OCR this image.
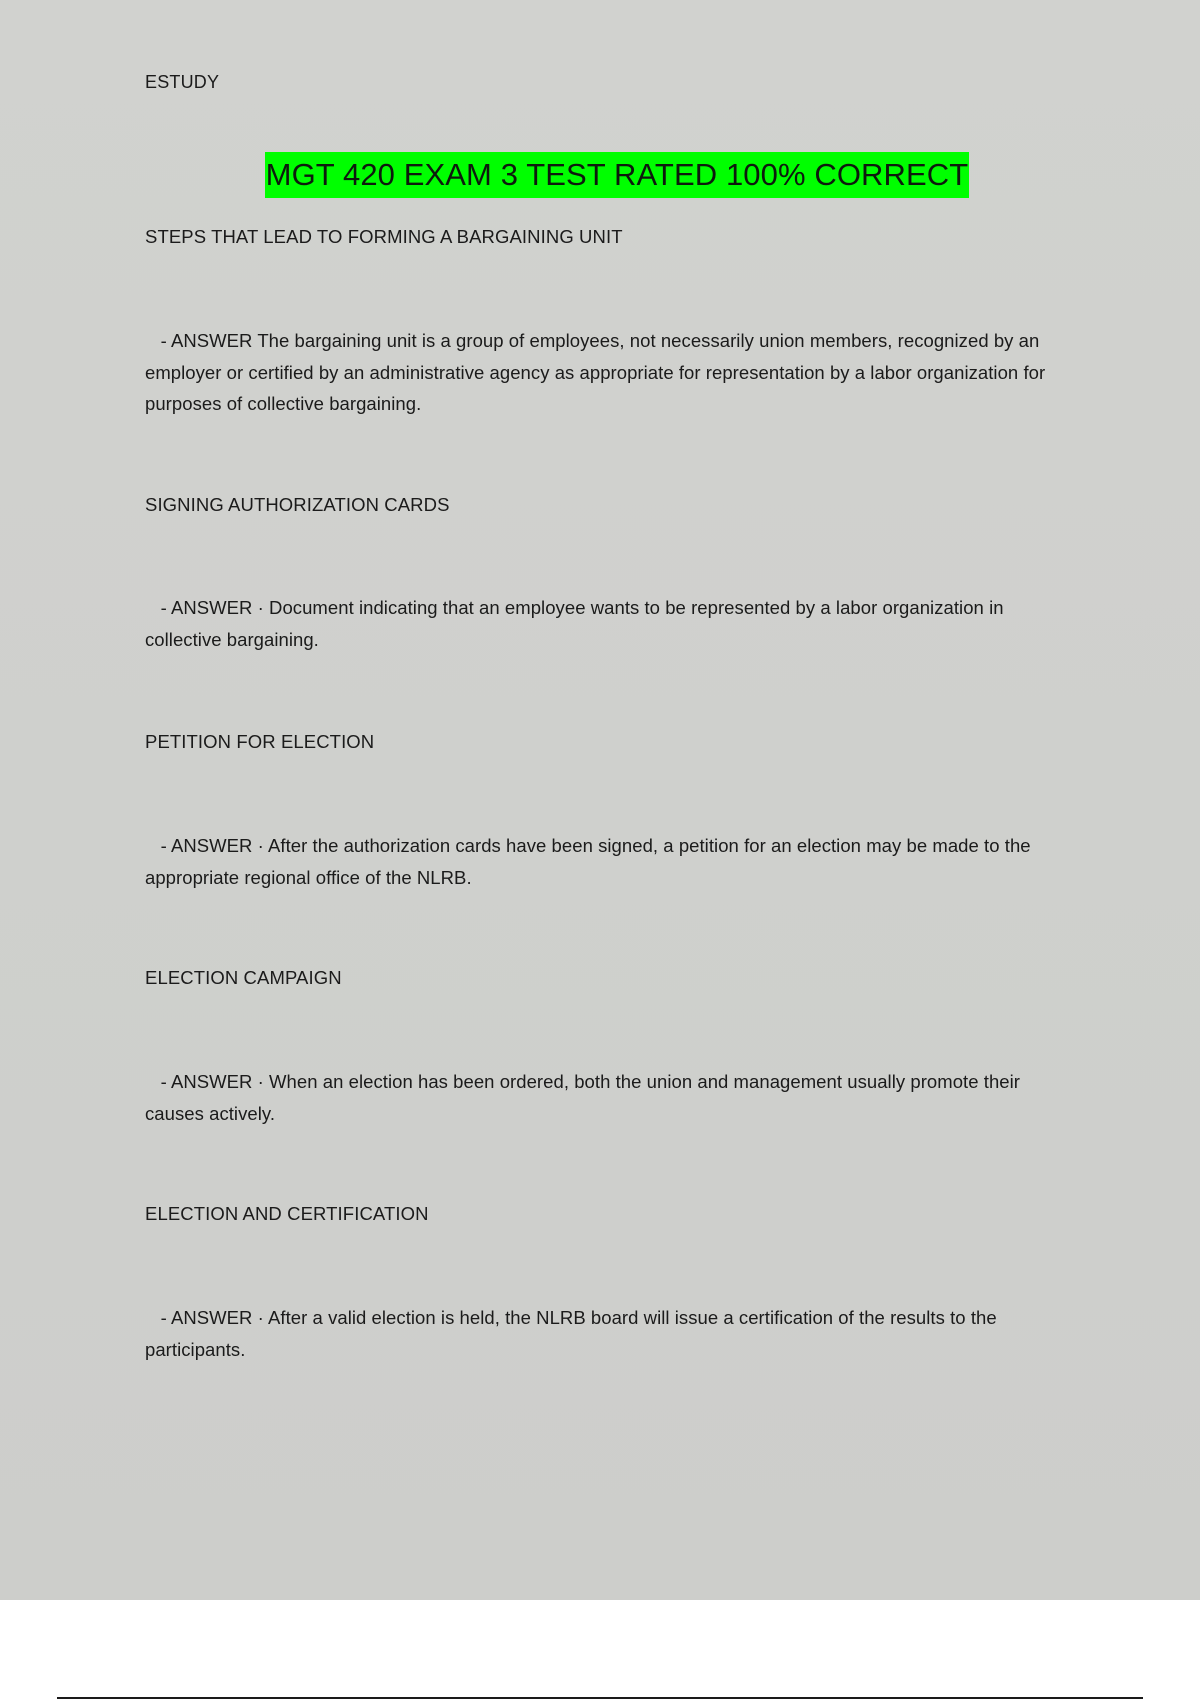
ESTUDY
MGT 420 EXAM 3 TEST RATED 100% CORRECT
STEPS THAT LEAD TO FORMING A BARGAINING UNIT
- ANSWER The bargaining unit is a group of employees, not necessarily union members, recognized by an employer or certified by an administrative agency as appropriate for representation by a labor organization for purposes of collective bargaining.
SIGNING AUTHORIZATION CARDS
- ANSWER · Document indicating that an employee wants to be represented by a labor organization in collective bargaining.
PETITION FOR ELECTION
- ANSWER · After the authorization cards have been signed, a petition for an election may be made to the appropriate regional office of the NLRB.
ELECTION CAMPAIGN
- ANSWER · When an election has been ordered, both the union and management usually promote their causes actively.
ELECTION AND CERTIFICATION
- ANSWER · After a valid election is held, the NLRB board will issue a certification of the results to the participants.
